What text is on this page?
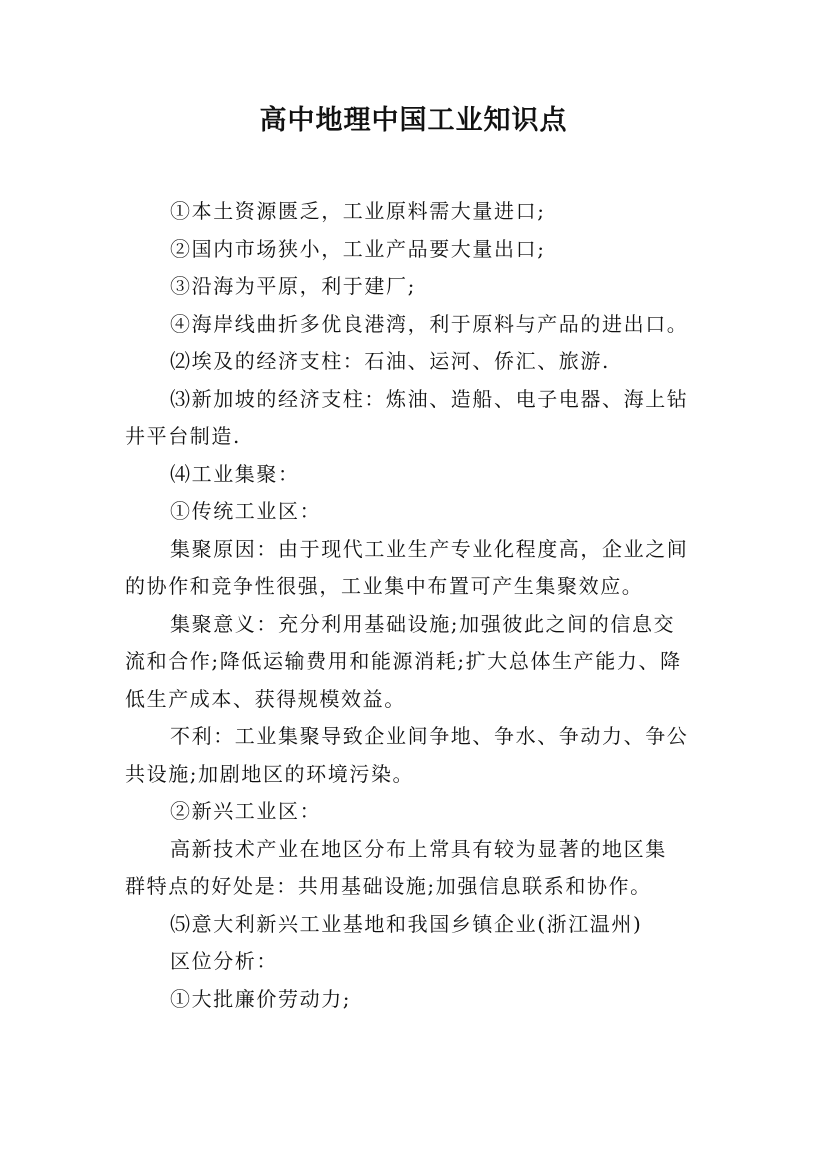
高中地理中国工业知识点
①本土资源匮乏，工业原料需大量进口;
②国内市场狭小，工业产品要大量出口;
③沿海为平原，利于建厂;
④海岸线曲折多优良港湾，利于原料与产品的进出口。
⑵埃及的经济支柱：石油、运河、侨汇、旅游.
⑶新加坡的经济支柱：炼油、造船、电子电器、海上钻
井平台制造.
⑷工业集聚：
①传统工业区：
集聚原因：由于现代工业生产专业化程度高，企业之间
的协作和竞争性很强，工业集中布置可产生集聚效应。
集聚意义：充分利用基础设施;加强彼此之间的信息交
流和合作;降低运输费用和能源消耗;扩大总体生产能力、降
低生产成本、获得规模效益。
不利：工业集聚导致企业间争地、争水、争动力、争公
共设施;加剧地区的环境污染。
②新兴工业区：
高新技术产业在地区分布上常具有较为显著的地区集
群特点的好处是：共用基础设施;加强信息联系和协作。
⑸意大利新兴工业基地和我国乡镇企业(浙江温州)
区位分析：
①大批廉价劳动力;
